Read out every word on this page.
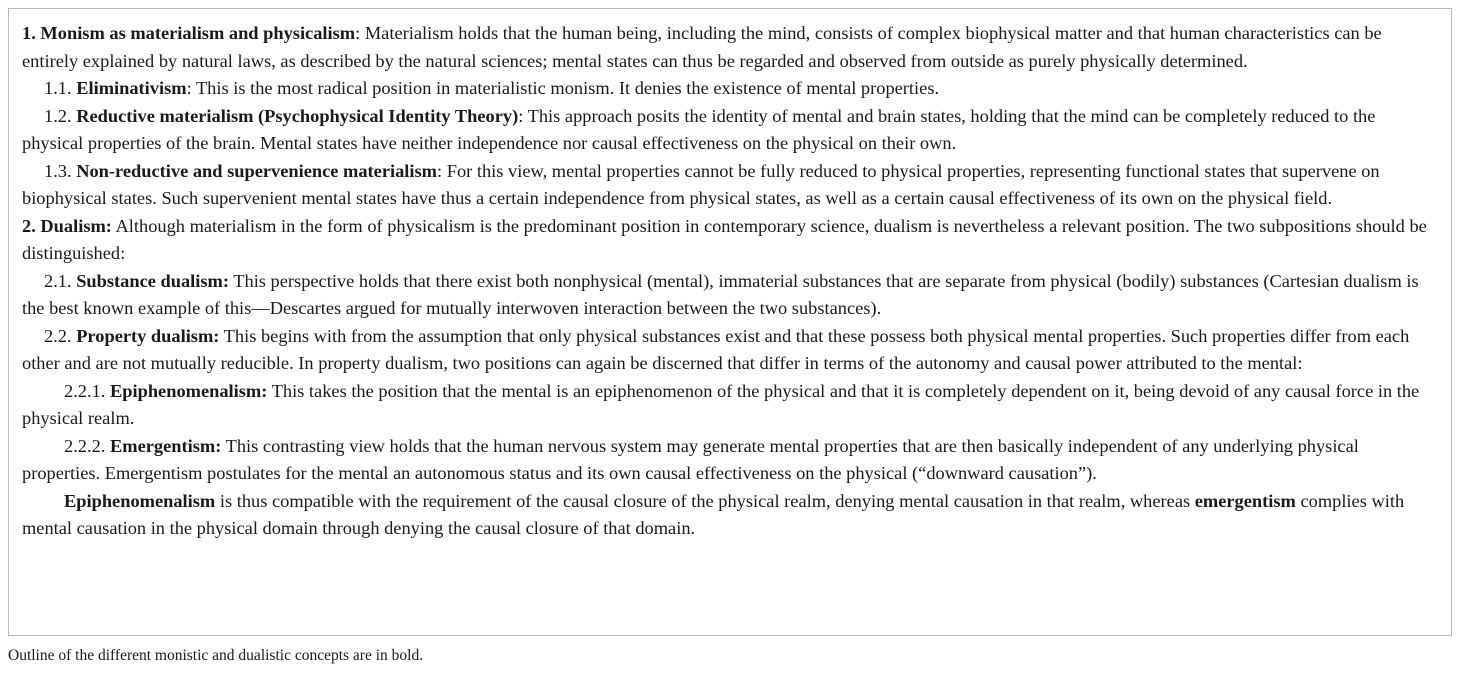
1. Monism as materialism and physicalism: Materialism holds that the human being, including the mind, consists of complex biophysical matter and that human characteristics can be entirely explained by natural laws, as described by the natural sciences; mental states can thus be regarded and observed from outside as purely physically determined.

1.1. Eliminativism: This is the most radical position in materialistic monism. It denies the existence of mental properties.

1.2. Reductive materialism (Psychophysical Identity Theory): This approach posits the identity of mental and brain states, holding that the mind can be completely reduced to the physical properties of the brain. Mental states have neither independence nor causal effectiveness on the physical on their own.

1.3. Non-reductive and supervenience materialism: For this view, mental properties cannot be fully reduced to physical properties, representing functional states that supervene on biophysical states. Such supervenient mental states have thus a certain independence from physical states, as well as a certain causal effectiveness of its own on the physical field.

2. Dualism: Although materialism in the form of physicalism is the predominant position in contemporary science, dualism is nevertheless a relevant position. The two subpositions should be distinguished:

2.1. Substance dualism: This perspective holds that there exist both nonphysical (mental), immaterial substances that are separate from physical (bodily) substances (Cartesian dualism is the best known example of this—Descartes argued for mutually interwoven interaction between the two substances).

2.2. Property dualism: This begins with from the assumption that only physical substances exist and that these possess both physical mental properties. Such properties differ from each other and are not mutually reducible. In property dualism, two positions can again be discerned that differ in terms of the autonomy and causal power attributed to the mental:

2.2.1. Epiphenomenalism: This takes the position that the mental is an epiphenomenon of the physical and that it is completely dependent on it, being devoid of any causal force in the physical realm.

2.2.2. Emergentism: This contrasting view holds that the human nervous system may generate mental properties that are then basically independent of any underlying physical properties. Emergentism postulates for the mental an autonomous status and its own causal effectiveness on the physical (“downward causation”).

Epiphenomenalism is thus compatible with the requirement of the causal closure of the physical realm, denying mental causation in that realm, whereas emergentism complies with mental causation in the physical domain through denying the causal closure of that domain.

Outline of the different monistic and dualistic concepts are in bold.
